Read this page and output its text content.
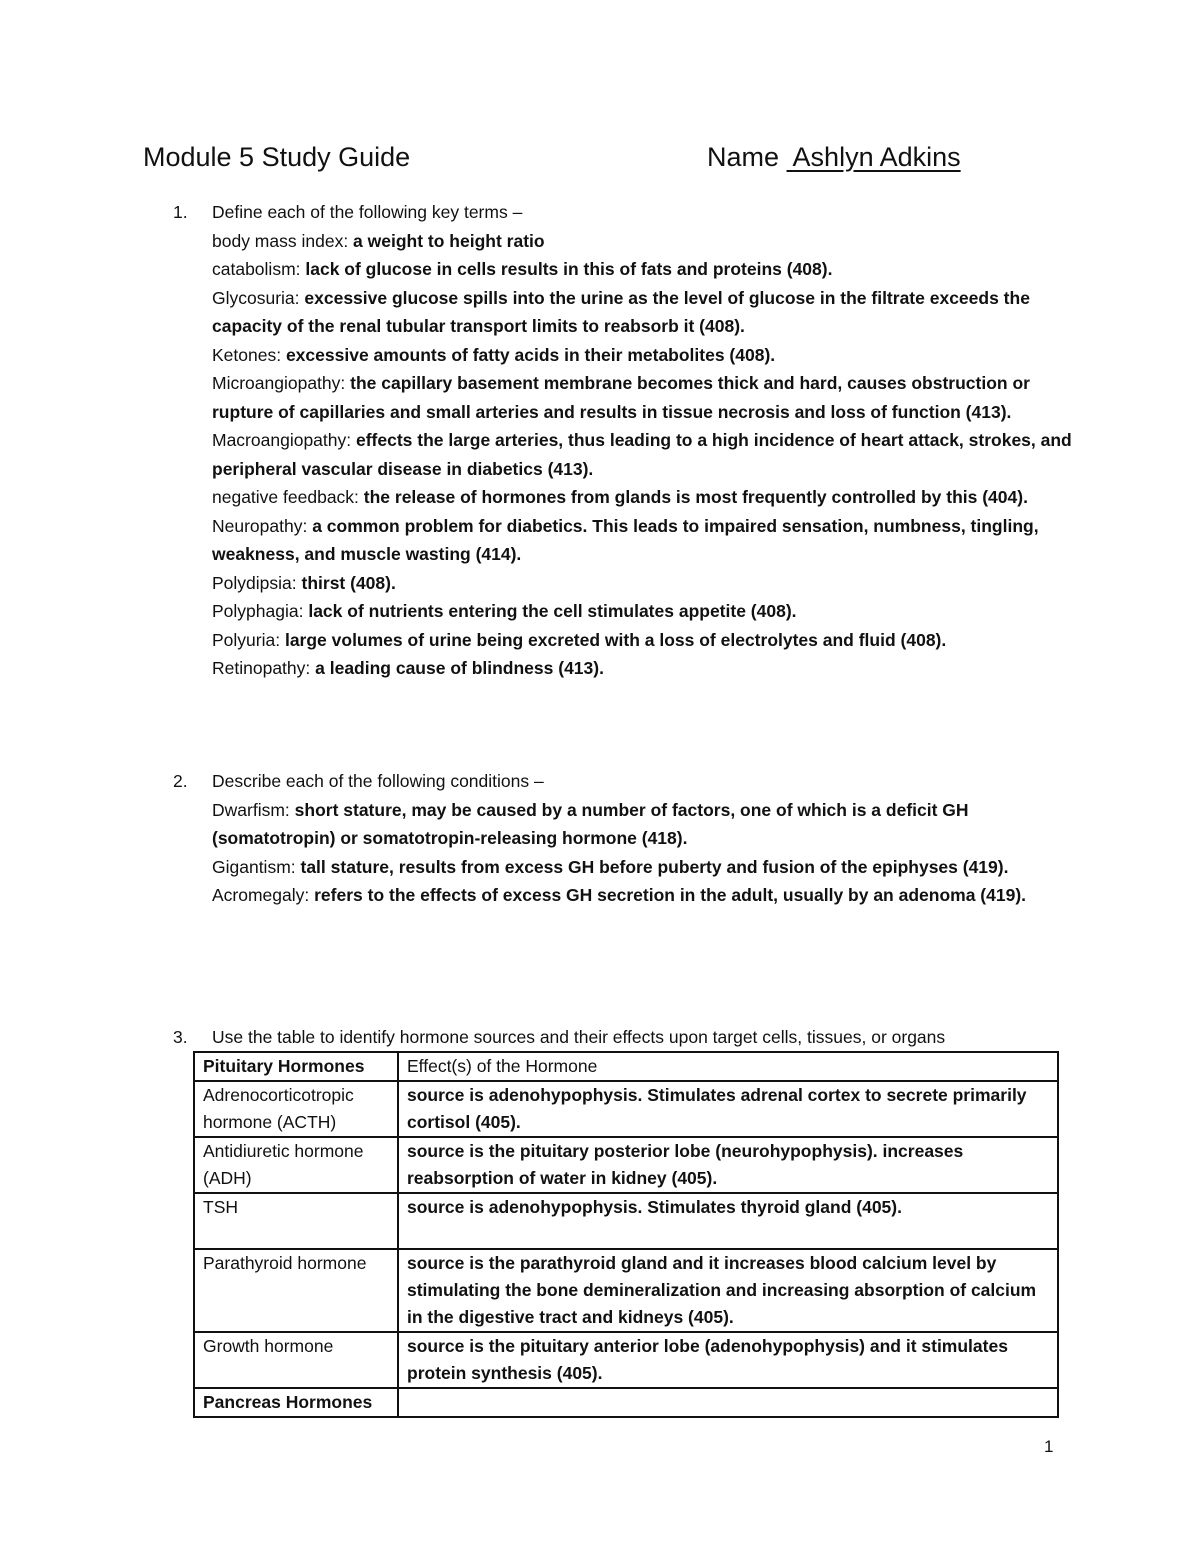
Module 5 Study Guide	Name  Ashlyn Adkins
1. Define each of the following key terms –
body mass index: a weight to height ratio
catabolism: lack of glucose in cells results in this of fats and proteins (408).
Glycosuria: excessive glucose spills into the urine as the level of glucose in the filtrate exceeds the capacity of the renal tubular transport limits to reabsorb it (408).
Ketones: excessive amounts of fatty acids in their metabolites (408).
Microangiopathy: the capillary basement membrane becomes thick and hard, causes obstruction or rupture of capillaries and small arteries and results in tissue necrosis and loss of function (413).
Macroangiopathy: effects the large arteries, thus leading to a high incidence of heart attack, strokes, and peripheral vascular disease in diabetics (413).
negative feedback: the release of hormones from glands is most frequently controlled by this (404).
Neuropathy: a common problem for diabetics. This leads to impaired sensation, numbness, tingling, weakness, and muscle wasting (414).
Polydipsia: thirst (408).
Polyphagia: lack of nutrients entering the cell stimulates appetite (408).
Polyuria: large volumes of urine being excreted with a loss of electrolytes and fluid (408).
Retinopathy: a leading cause of blindness (413).
2. Describe each of the following conditions –
Dwarfism: short stature, may be caused by a number of factors, one of which is a deficit GH (somatotropin) or somatotropin-releasing hormone (418).
Gigantism: tall stature, results from excess GH before puberty and fusion of the epiphyses (419).
Acromegaly: refers to the effects of excess GH secretion in the adult, usually by an adenoma (419).
3. Use the table to identify hormone sources and their effects upon target cells, tissues, or organs
Pituitary Hormones	Effect(s) of the Hormone
Adrenocorticotropic hormone (ACTH)	source is adenohypophysis. Stimulates adrenal cortex to secrete primarily cortisol (405).
Antidiuretic hormone (ADH)	source is the pituitary posterior lobe (neurohypophysis). increases reabsorption of water in kidney (405).
TSH	source is adenohypophysis. Stimulates thyroid gland (405).
Parathyroid hormone	source is the parathyroid gland and it increases blood calcium level by stimulating the bone demineralization and increasing absorption of calcium in the digestive tract and kidneys (405).
Growth hormone	source is the pituitary anterior lobe (adenohypophysis) and it stimulates protein synthesis (405).
Pancreas Hormones	
1
